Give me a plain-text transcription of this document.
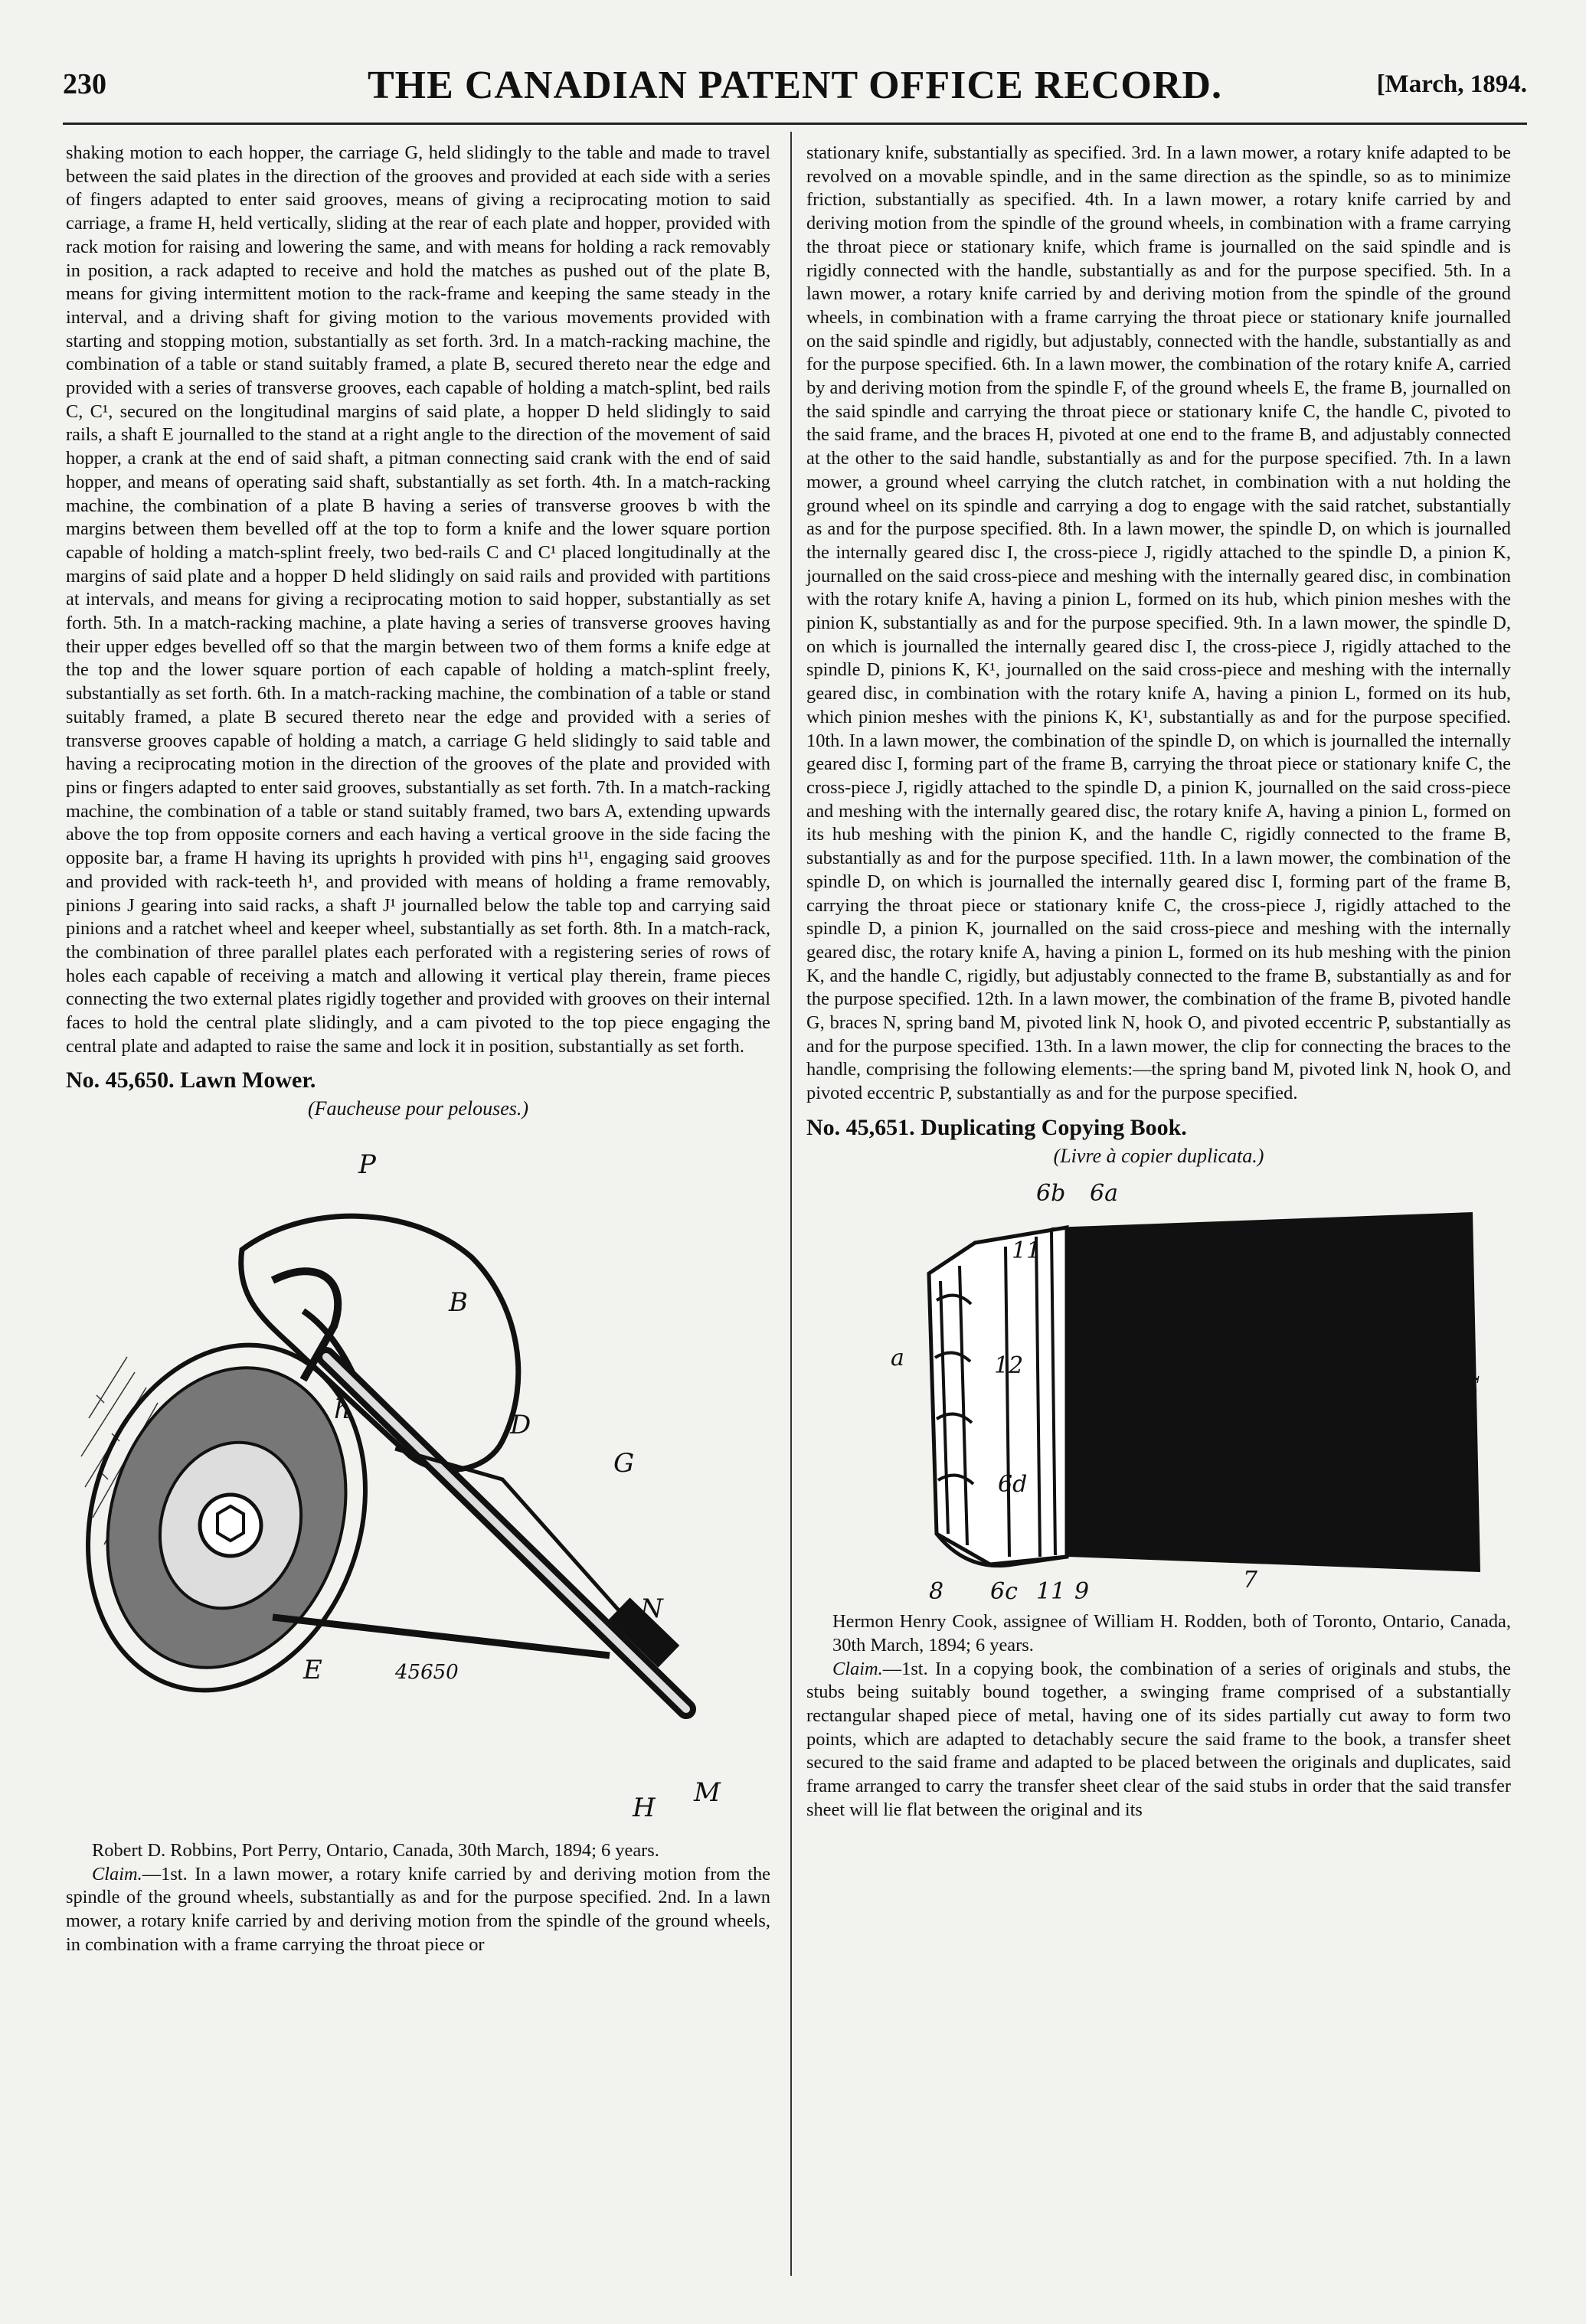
230	THE CANADIAN PATENT OFFICE RECORD.	[March, 1894.

shaking motion to each hopper, the carriage G, held slidingly to the table and made to travel between the said plates in the direction of the grooves and provided at each side with a series of fingers adapted to enter said grooves, means of giving a reciprocating motion to said carriage, a frame H, held vertically, sliding at the rear of each plate and hopper, provided with rack motion for raising and lowering the same, and with means for holding a rack removably in position, a rack adapted to receive and hold the matches as pushed out of the plate B, means for giving intermittent motion to the rack-frame and keeping the same steady in the interval, and a driving shaft for giving motion to the various movements provided with starting and stopping motion, substantially as set forth. 3rd. In a match-racking machine, the combination of a table or stand suitably framed, a plate B, secured thereto near the edge and provided with a series of transverse grooves, each capable of holding a match-splint, bed rails C, C¹, secured on the longitudinal margins of said plate, a hopper D held slidingly to said rails, a shaft E journalled to the stand at a right angle to the direction of the movement of said hopper, a crank at the end of said shaft, a pitman connecting said crank with the end of said hopper, and means of operating said shaft, substantially as set forth. 4th. In a match-racking machine, the combination of a plate B having a series of transverse grooves b with the margins between them bevelled off at the top to form a knife and the lower square portion capable of holding a match-splint freely, two bed-rails C and C¹ placed longitudinally at the margins of said plate and a hopper D held slidingly on said rails and provided with partitions at intervals, and means for giving a reciprocating motion to said hopper, substantially as set forth. 5th. In a match-racking machine, a plate having a series of transverse grooves having their upper edges bevelled off so that the margin between two of them forms a knife edge at the top and the lower square portion of each capable of holding a match-splint freely, substantially as set forth. 6th. In a match-racking machine, the combination of a table or stand suitably framed, a plate B secured thereto near the edge and provided with a series of transverse grooves capable of holding a match, a carriage G held slidingly to said table and having a reciprocating motion in the direction of the grooves of the plate and provided with pins or fingers adapted to enter said grooves, substantially as set forth. 7th. In a match-racking machine, the combination of a table or stand suitably framed, two bars A, extending upwards above the top from opposite corners and each having a vertical groove in the side facing the opposite bar, a frame H having its uprights h provided with pins h¹¹, engaging said grooves and provided with rack-teeth h¹, and provided with means of holding a frame removably, pinions J gearing into said racks, a shaft J¹ journalled below the table top and carrying said pinions and a ratchet wheel and keeper wheel, substantially as set forth. 8th. In a match-rack, the combination of three parallel plates each perforated with a registering series of rows of holes each capable of receiving a match and allowing it vertical play therein, frame pieces connecting the two external plates rigidly together and provided with grooves on their internal faces to hold the central plate slidingly, and a cam pivoted to the top piece engaging the central plate and adapted to raise the same and lock it in position, substantially as set forth.

No. 45,650. Lawn Mower.
(Faucheuse pour pelouses.)
P
B
D
G
N
M
H
E
h
45650

Robert D. Robbins, Port Perry, Ontario, Canada, 30th March, 1894; 6 years.

Claim.—1st. In a lawn mower, a rotary knife carried by and deriving motion from the spindle of the ground wheels, substantially as and for the purpose specified. 2nd. In a lawn mower, a rotary knife carried by and deriving motion from the spindle of the ground wheels, in combination with a frame carrying the throat piece or

stationary knife, substantially as specified. 3rd. In a lawn mower, a rotary knife adapted to be revolved on a movable spindle, and in the same direction as the spindle, so as to minimize friction, substantially as specified. 4th. In a lawn mower, a rotary knife carried by and deriving motion from the spindle of the ground wheels, in combination with a frame carrying the throat piece or stationary knife, which frame is journalled on the said spindle and is rigidly connected with the handle, substantially as and for the purpose specified. 5th. In a lawn mower, a rotary knife carried by and deriving motion from the spindle of the ground wheels, in combination with a frame carrying the throat piece or stationary knife journalled on the said spindle and rigidly, but adjustably, connected with the handle, substantially as and for the purpose specified. 6th. In a lawn mower, the combination of the rotary knife A, carried by and deriving motion from the spindle F, of the ground wheels E, the frame B, journalled on the said spindle and carrying the throat piece or stationary knife C, the handle C, pivoted to the said frame, and the braces H, pivoted at one end to the frame B, and adjustably connected at the other to the said handle, substantially as and for the purpose specified. 7th. In a lawn mower, a ground wheel carrying the clutch ratchet, in combination with a nut holding the ground wheel on its spindle and carrying a dog to engage with the said ratchet, substantially as and for the purpose specified. 8th. In a lawn mower, the spindle D, on which is journalled the internally geared disc I, the cross-piece J, rigidly attached to the spindle D, a pinion K, journalled on the said cross-piece and meshing with the internally geared disc, in combination with the rotary knife A, having a pinion L, formed on its hub, which pinion meshes with the pinion K, substantially as and for the purpose specified. 9th. In a lawn mower, the spindle D, on which is journalled the internally geared disc I, the cross-piece J, rigidly attached to the spindle D, pinions K, K¹, journalled on the said cross-piece and meshing with the internally geared disc, in combination with the rotary knife A, having a pinion L, formed on its hub, which pinion meshes with the pinions K, K¹, substantially as and for the purpose specified. 10th. In a lawn mower, the combination of the spindle D, on which is journalled the internally geared disc I, forming part of the frame B, carrying the throat piece or stationary knife C, the cross-piece J, rigidly attached to the spindle D, a pinion K, journalled on the said cross-piece and meshing with the internally geared disc, the rotary knife A, having a pinion L, formed on its hub meshing with the pinion K, and the handle C, rigidly connected to the frame B, substantially as and for the purpose specified. 11th. In a lawn mower, the combination of the spindle D, on which is journalled the internally geared disc I, forming part of the frame B, carrying the throat piece or stationary knife C, the cross-piece J, rigidly attached to the spindle D, a pinion K, journalled on the said cross-piece and meshing with the internally geared disc, the rotary knife A, having a pinion L, formed on its hub meshing with the pinion K, and the handle C, rigidly, but adjustably connected to the frame B, substantially as and for the purpose specified. 12th. In a lawn mower, the combination of the frame B, pivoted handle G, braces N, spring band M, pivoted link N, hook O, and pivoted eccentric P, substantially as and for the purpose specified. 13th. In a lawn mower, the clip for connecting the braces to the handle, comprising the following elements:—the spring band M, pivoted link N, hook O, and pivoted eccentric P, substantially as and for the purpose specified.

No. 45,651. Duplicating Copying Book.
(Livre à copier duplicata.)
6b 6a
11
a	12
6d
8 6c 11 9	7
45651

Hermon Henry Cook, assignee of William H. Rodden, both of Toronto, Ontario, Canada, 30th March, 1894; 6 years.

Claim.—1st. In a copying book, the combination of a series of originals and stubs, the stubs being suitably bound together, a swinging frame comprised of a substantially rectangular shaped piece of metal, having one of its sides partially cut away to form two points, which are adapted to detachably secure the said frame to the book, a transfer sheet secured to the said frame and adapted to be placed between the originals and duplicates, said frame arranged to carry the transfer sheet clear of the said stubs in order that the said transfer sheet will lie flat between the original and its
